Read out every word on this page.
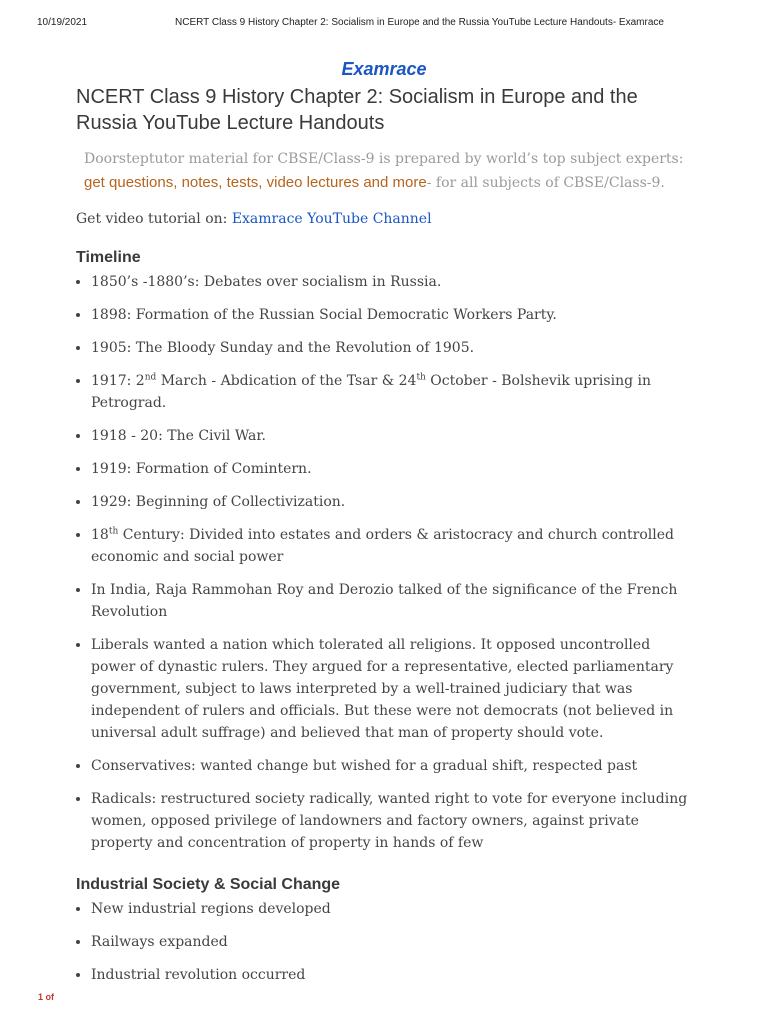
10/19/2021	NCERT Class 9 History Chapter 2: Socialism in Europe and the Russia YouTube Lecture Handouts- Examrace
Examrace
NCERT Class 9 History Chapter 2: Socialism in Europe and the Russia YouTube Lecture Handouts

Doorsteptutor material for CBSE/Class-9 is prepared by world’s top subject experts: get questions, notes, tests, video lectures and more- for all subjects of CBSE/Class-9.

Get video tutorial on: Examrace YouTube Channel

Timeline
• 1850’s -1880’s: Debates over socialism in Russia.
• 1898: Formation of the Russian Social Democratic Workers Party.
• 1905: The Bloody Sunday and the Revolution of 1905.
• 1917: 2nd March - Abdication of the Tsar & 24th October - Bolshevik uprising in Petrograd.
• 1918 - 20: The Civil War.
• 1919: Formation of Comintern.
• 1929: Beginning of Collectivization.
• 18th Century: Divided into estates and orders & aristocracy and church controlled economic and social power
• In India, Raja Rammohan Roy and Derozio talked of the significance of the French Revolution
• Liberals wanted a nation which tolerated all religions. It opposed uncontrolled power of dynastic rulers. They argued for a representative, elected parliamentary government, subject to laws interpreted by a well-trained judiciary that was independent of rulers and officials. But these were not democrats (not believed in universal adult suffrage) and believed that man of property should vote.
• Conservatives: wanted change but wished for a gradual shift, respected past
• Radicals: restructured society radically, wanted right to vote for everyone including women, opposed privilege of landowners and factory owners, against private property and concentration of property in hands of few
Industrial Society & Social Change
• New industrial regions developed
• Railways expanded
• Industrial revolution occurred
1 of
